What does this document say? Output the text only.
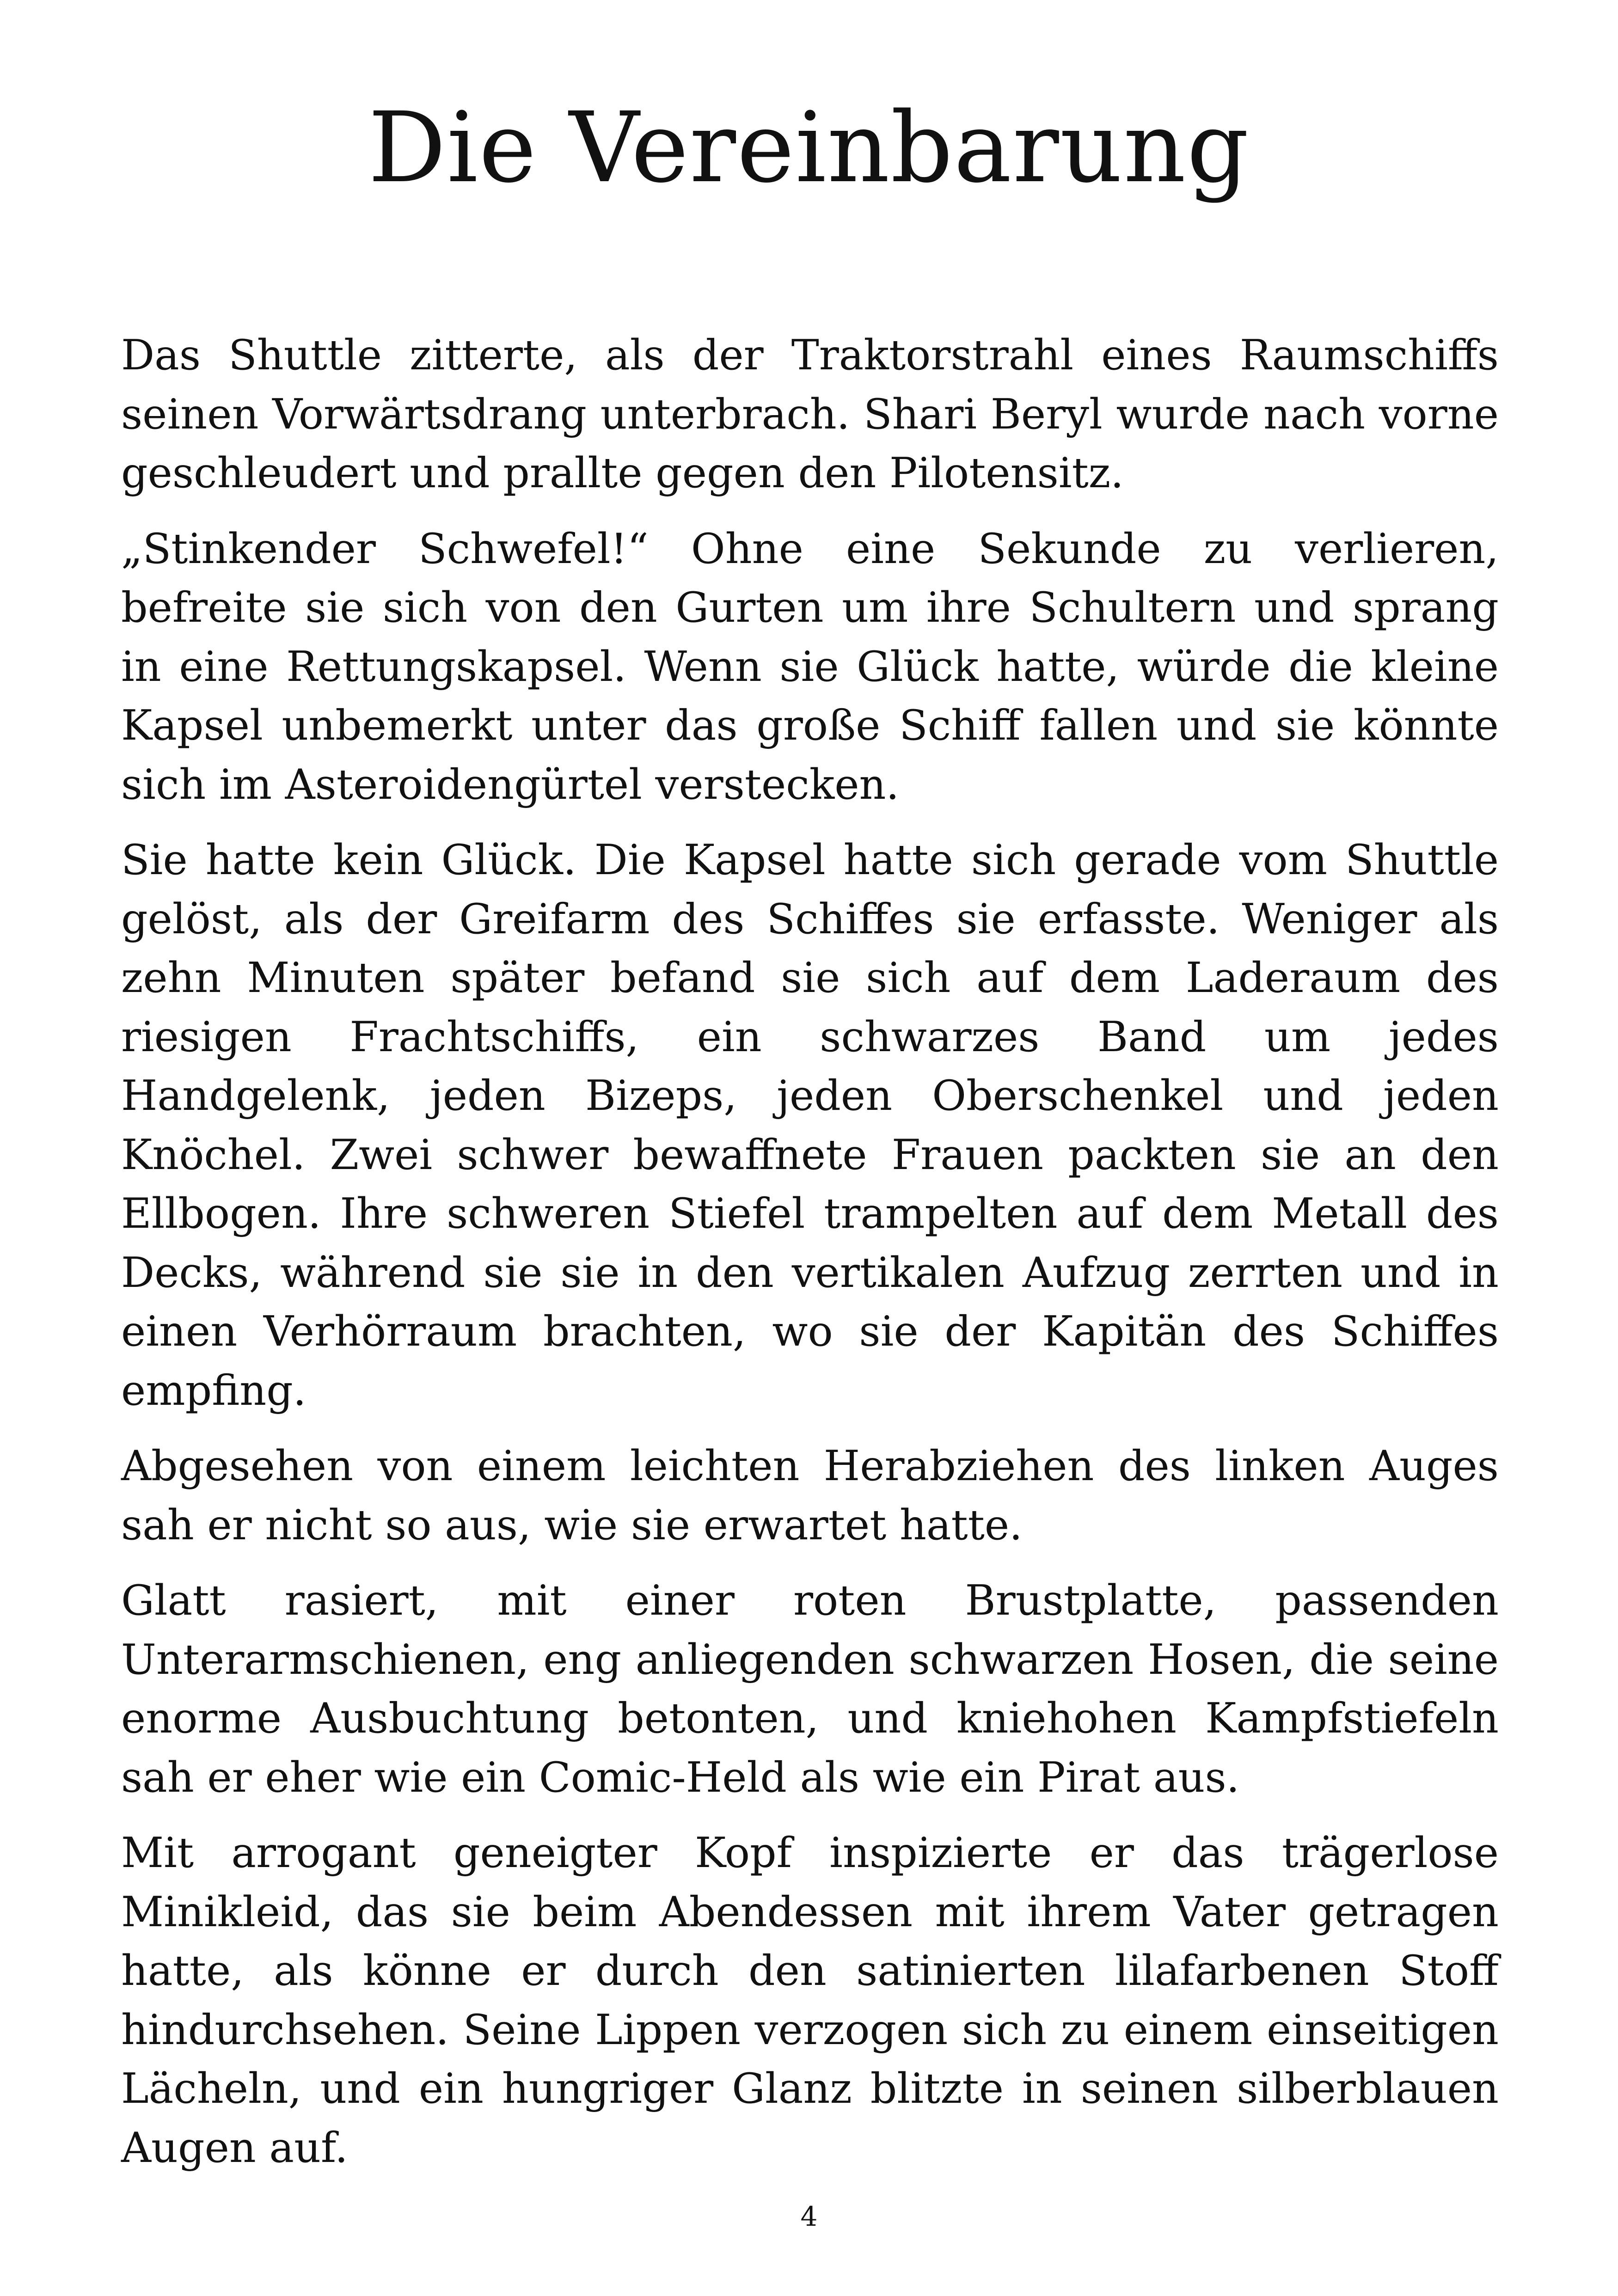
Die Vereinbarung

Das Shuttle zitterte, als der Traktorstrahl eines Raumschiffs seinen Vorwärtsdrang unterbrach. Shari Beryl wurde nach vorne geschleudert und prallte gegen den Pilotensitz.

„Stinkender Schwefel!“ Ohne eine Sekunde zu verlieren, befreite sie sich von den Gurten um ihre Schultern und sprang in eine Rettungskapsel. Wenn sie Glück hatte, würde die kleine Kapsel unbemerkt unter das große Schiff fallen und sie könnte sich im Asteroidengürtel verstecken.

Sie hatte kein Glück. Die Kapsel hatte sich gerade vom Shuttle gelöst, als der Greifarm des Schiffes sie erfasste. Weniger als zehn Minuten später befand sie sich auf dem Laderaum des riesigen Frachtschiffs, ein schwarzes Band um jedes Handgelenk, jeden Bizeps, jeden Oberschenkel und jeden Knöchel. Zwei schwer bewaffnete Frauen packten sie an den Ellbogen. Ihre schweren Stiefel trampelten auf dem Metall des Decks, während sie sie in den vertikalen Aufzug zerrten und in einen Verhörraum brachten, wo sie der Kapitän des Schiffes empfing.

Abgesehen von einem leichten Herabziehen des linken Auges sah er nicht so aus, wie sie erwartet hatte.

Glatt rasiert, mit einer roten Brustplatte, passenden Unterarmschienen, eng anliegenden schwarzen Hosen, die seine enorme Ausbuchtung betonten, und kniehohen Kampfstiefeln sah er eher wie ein Comic-Held als wie ein Pirat aus.

Mit arrogant geneigter Kopf inspizierte er das trägerlose Minikleid, das sie beim Abendessen mit ihrem Vater getragen hatte, als könne er durch den satinierten lilafarbenen Stoff hindurchsehen. Seine Lippen verzogen sich zu einem einseitigen Lächeln, und ein hungriger Glanz blitzte in seinen silberblauen Augen auf.

4
